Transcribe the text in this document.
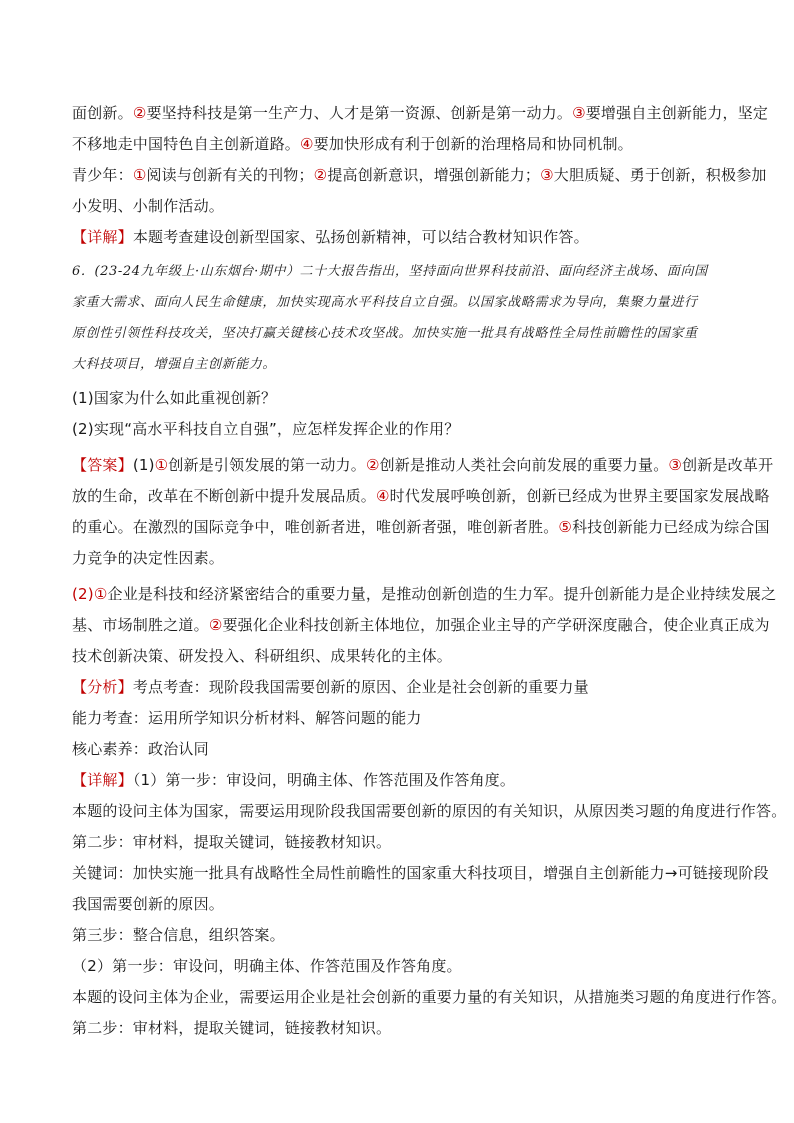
面创新。②要坚持科技是第一生产力、人才是第一资源、创新是第一动力。③要增强自主创新能力，坚定
不移地走中国特色自主创新道路。④要加快形成有利于创新的治理格局和协同机制。
青少年：①阅读与创新有关的刊物；②提高创新意识，增强创新能力；③大胆质疑、勇于创新，积极参加
小发明、小制作活动。
【详解】本题考查建设创新型国家、弘扬创新精神，可以结合教材知识作答。
6．(23-24九年级上·山东烟台·期中）二十大报告指出，坚持面向世界科技前沿、面向经济主战场、面向国
家重大需求、面向人民生命健康，加快实现高水平科技自立自强。以国家战略需求为导向，集聚力量进行
原创性引领性科技攻关，坚决打赢关键核心技术攻坚战。加快实施一批具有战略性全局性前瞻性的国家重
大科技项目，增强自主创新能力。
(1)国家为什么如此重视创新？
(2)实现“高水平科技自立自强”，应怎样发挥企业的作用？
【答案】(1)①创新是引领发展的第一动力。②创新是推动人类社会向前发展的重要力量。③创新是改革开
放的生命，改革在不断创新中提升发展品质。④时代发展呼唤创新，创新已经成为世界主要国家发展战略
的重心。在激烈的国际竞争中，唯创新者进，唯创新者强，唯创新者胜。⑤科技创新能力已经成为综合国
力竞争的决定性因素。
(2)①企业是科技和经济紧密结合的重要力量，是推动创新创造的生力军。提升创新能力是企业持续发展之
基、市场制胜之道。②要强化企业科技创新主体地位，加强企业主导的产学研深度融合，使企业真正成为
技术创新决策、研发投入、科研组织、成果转化的主体。
【分析】考点考查：现阶段我国需要创新的原因、企业是社会创新的重要力量
能力考查：运用所学知识分析材料、解答问题的能力
核心素养：政治认同
【详解】（1）第一步：审设问，明确主体、作答范围及作答角度。
本题的设问主体为国家，需要运用现阶段我国需要创新的原因的有关知识，从原因类习题的角度进行作答。
第二步：审材料，提取关键词，链接教材知识。
关键词：加快实施一批具有战略性全局性前瞻性的国家重大科技项目，增强自主创新能力→可链接现阶段
我国需要创新的原因。
第三步：整合信息，组织答案。
（2）第一步：审设问，明确主体、作答范围及作答角度。
本题的设问主体为企业，需要运用企业是社会创新的重要力量的有关知识，从措施类习题的角度进行作答。
第二步：审材料，提取关键词，链接教材知识。
